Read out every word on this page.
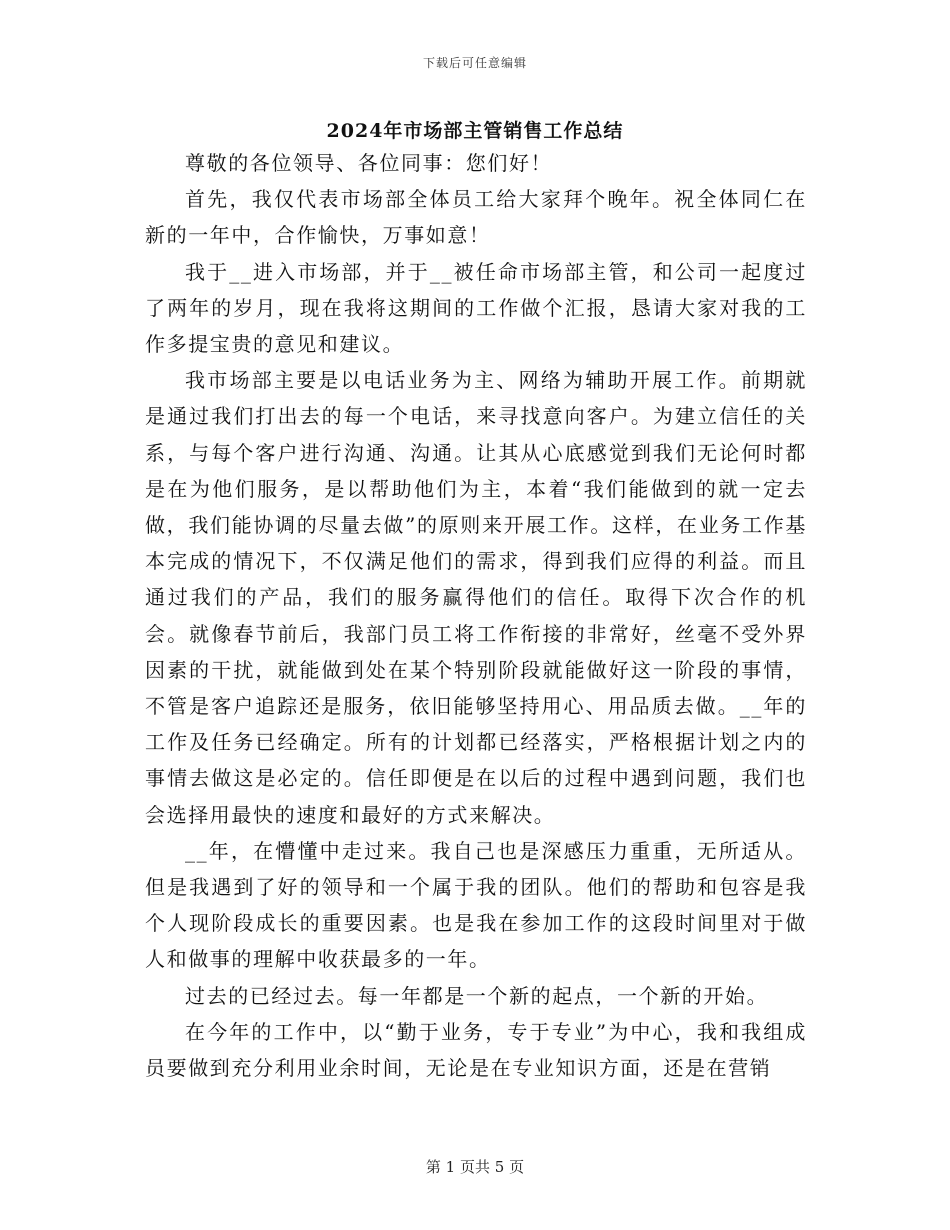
下载后可任意编辑
2024年市场部主管销售工作总结

尊敬的各位领导、各位同事：您们好！

首先，我仅代表市场部全体员工给大家拜个晚年。祝全体同仁在新的一年中，合作愉快，万事如意！

我于__进入市场部，并于__被任命市场部主管，和公司一起度过了两年的岁月，现在我将这期间的工作做个汇报，恳请大家对我的工作多提宝贵的意见和建议。

我市场部主要是以电话业务为主、网络为辅助开展工作。前期就是通过我们打出去的每一个电话，来寻找意向客户。为建立信任的关系，与每个客户进行沟通、沟通。让其从心底感觉到我们无论何时都是在为他们服务，是以帮助他们为主，本着“我们能做到的就一定去做，我们能协调的尽量去做”的原则来开展工作。这样，在业务工作基本完成的情况下，不仅满足他们的需求，得到我们应得的利益。而且通过我们的产品，我们的服务赢得他们的信任。取得下次合作的机会。就像春节前后，我部门员工将工作衔接的非常好，丝毫不受外界因素的干扰，就能做到处在某个特别阶段就能做好这一阶段的事情，不管是客户追踪还是服务，依旧能够坚持用心、用品质去做。__年的工作及任务已经确定。所有的计划都已经落实，严格根据计划之内的事情去做这是必定的。信任即便是在以后的过程中遇到问题，我们也会选择用最快的速度和最好的方式来解决。

__年，在懵懂中走过来。我自己也是深感压力重重，无所适从。但是我遇到了好的领导和一个属于我的团队。他们的帮助和包容是我个人现阶段成长的重要因素。也是我在参加工作的这段时间里对于做人和做事的理解中收获最多的一年。

过去的已经过去。每一年都是一个新的起点，一个新的开始。

在今年的工作中，以“勤于业务，专于专业”为中心，我和我组成员要做到充分利用业余时间，无论是在专业知识方面，还是在营销

第 1 页共 5 页
